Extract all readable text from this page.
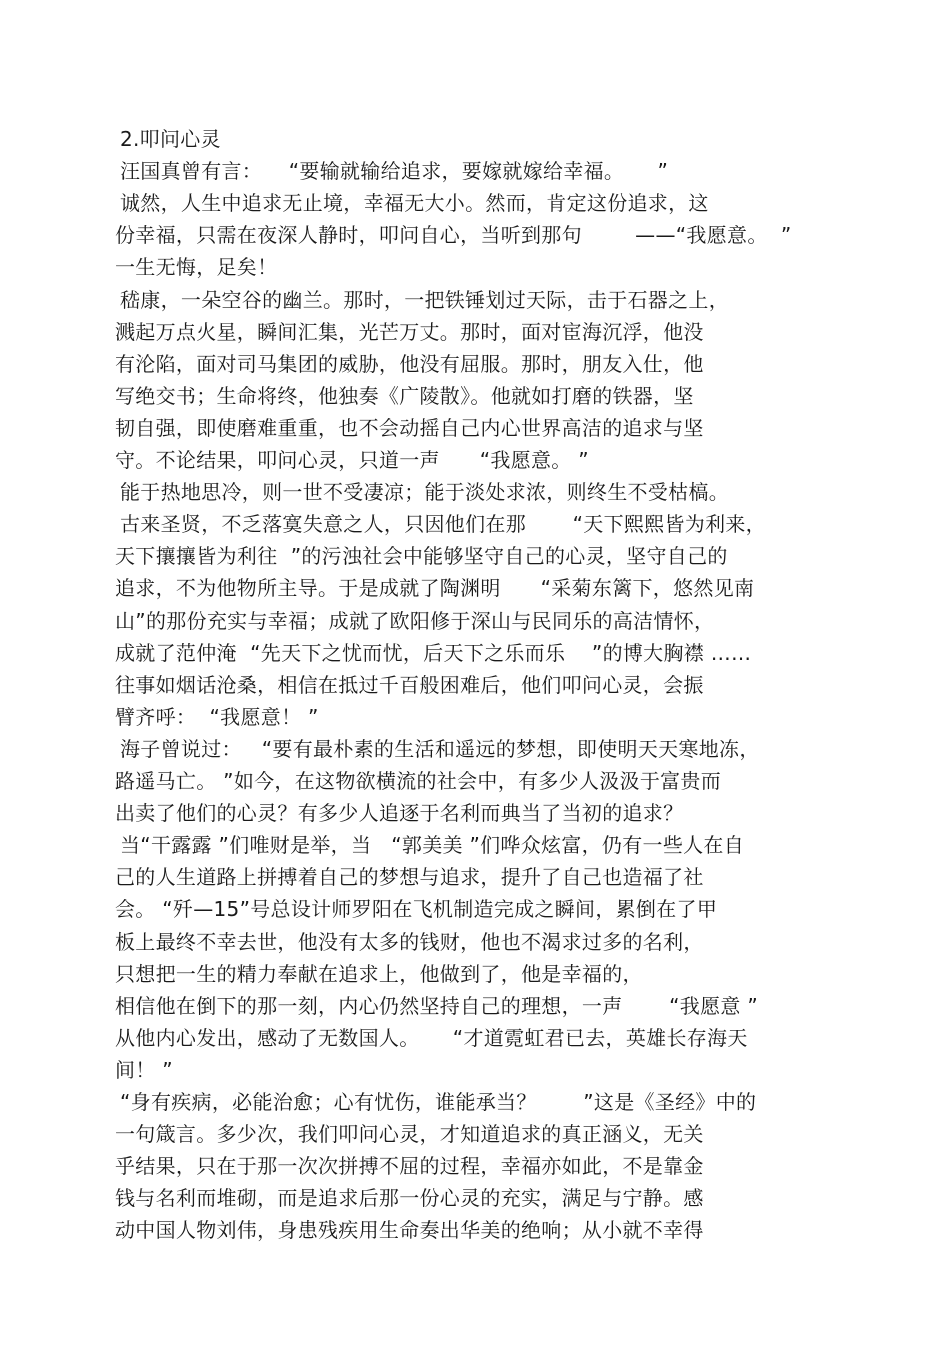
2.叩问心灵
汪国真曾有言：    “要输就输给追求，要嫁就嫁给幸福。     ”
诚然，人生中追求无止境，幸福无大小。然而，肯定这份追求，这
份幸福，只需在夜深人静时，叩问自心，当听到那句        ——“我愿意。  ”
一生无悔，足矣！
嵇康，一朵空谷的幽兰。那时，一把铁锤划过天际，击于石器之上，
溅起万点火星，瞬间汇集，光芒万丈。那时，面对宦海沉浮，他没
有沦陷，面对司马集团的威胁，他没有屈服。那时，朋友入仕，他
写绝交书；生命将终，他独奏《广陵散》。他就如打磨的铁器，坚
韧自强，即使磨难重重，也不会动摇自己内心世界高洁的追求与坚
守。不论结果，叩问心灵，只道一声      “我愿意。 ”
能于热地思冷，则一世不受凄凉；能于淡处求浓，则终生不受枯槁。
古来圣贤，不乏落寞失意之人，只因他们在那       “天下熙熙皆为利来，
天下攘攘皆为利往  ”的污浊社会中能够坚守自己的心灵，坚守自己的
追求，不为他物所主导。于是成就了陶渊明      “采菊东篱下，悠然见南
山”的那份充实与幸福；成就了欧阳修于深山与民同乐的高洁情怀，
成就了范仲淹  “先天下之忧而忧，后天下之乐而乐    ”的博大胸襟 ……
往事如烟话沧桑，相信在抵过千百般困难后，他们叩问心灵，会振
臂齐呼：  “我愿意！ ”
海子曾说过：   “要有最朴素的生活和遥远的梦想，即使明天天寒地冻，
路遥马亡。 ”如今，在这物欲横流的社会中，有多少人汲汲于富贵而
出卖了他们的心灵？有多少人追逐于名利而典当了当初的追求？
当“干露露 ”们唯财是举，当   “郭美美 ”们哗众炫富，仍有一些人在自
己的人生道路上拼搏着自己的梦想与追求，提升了自己也造福了社
会。 “歼—15”号总设计师罗阳在飞机制造完成之瞬间，累倒在了甲
板上最终不幸去世，他没有太多的钱财，他也不渴求过多的名利，
只想把一生的精力奉献在追求上，他做到了，他是幸福的，
相信他在倒下的那一刻，内心仍然坚持自己的理想，一声       “我愿意 ”
从他内心发出，感动了无数国人。     “才道霓虹君已去，英雄长存海天
间！ ”
“身有疾病，必能治愈；心有忧伤，谁能承当？       ”这是《圣经》中的
一句箴言。多少次，我们叩问心灵，才知道追求的真正涵义，无关
乎结果，只在于那一次次拼搏不屈的过程，幸福亦如此，不是靠金
钱与名利而堆砌，而是追求后那一份心灵的充实，满足与宁静。感
动中国人物刘伟，身患残疾用生命奏出华美的绝响；从小就不幸得
